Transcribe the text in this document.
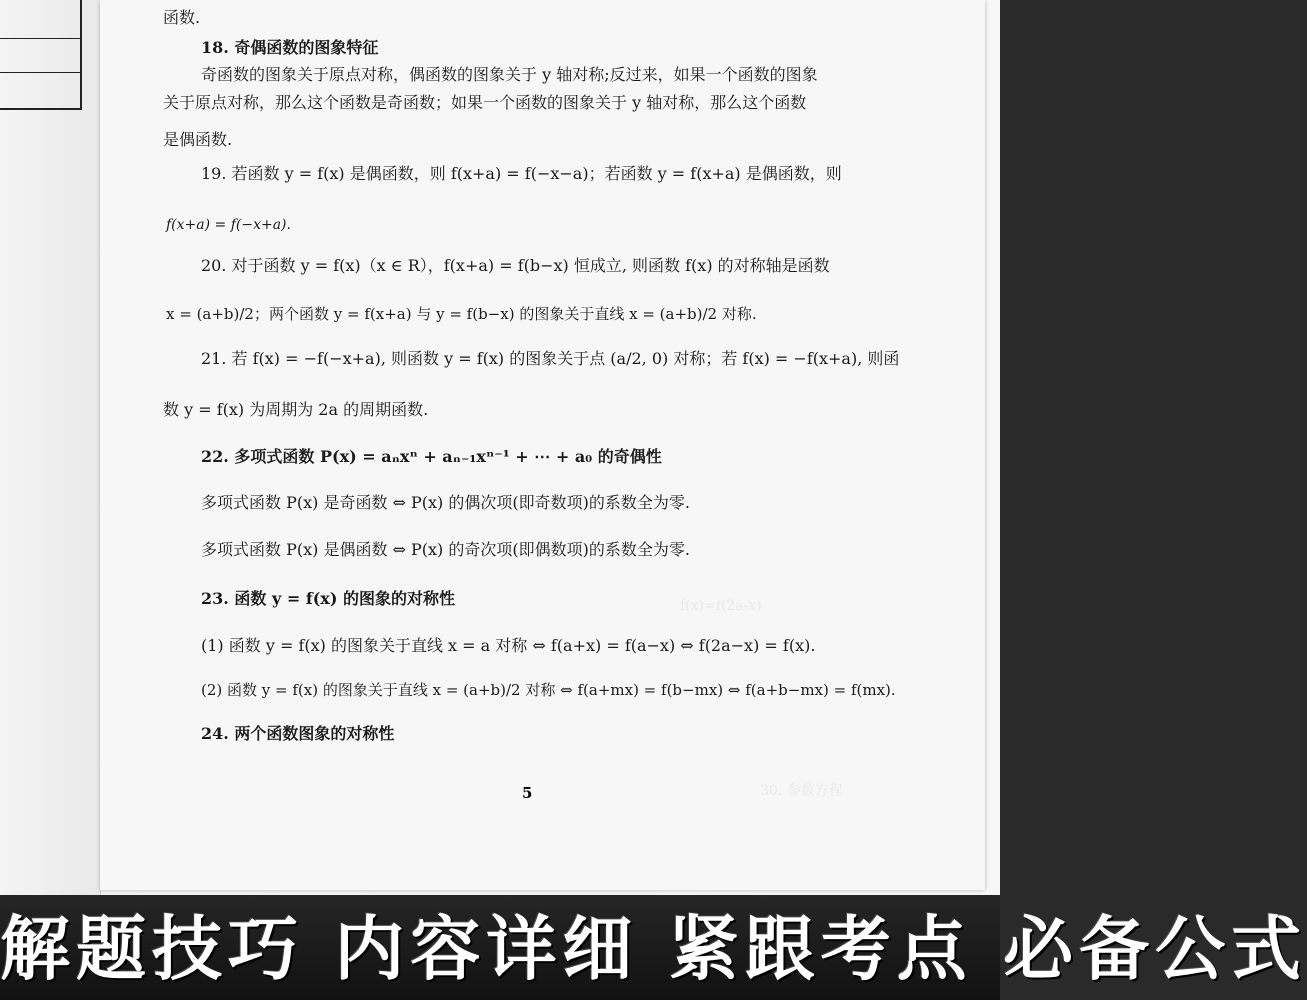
f(x)=f(2a-x)
30. 参数方程
函数.
18. 奇偶函数的图象特征
奇函数的图象关于原点对称，偶函数的图象关于 y 轴对称;反过来，如果一个函数的图象
关于原点对称，那么这个函数是奇函数；如果一个函数的图象关于 y 轴对称，那么这个函数
是偶函数.
19. 若函数 y = f(x) 是偶函数，则 f(x+a) = f(−x−a)；若函数 y = f(x+a) 是偶函数，则
f(x+a) = f(−x+a).
20. 对于函数 y = f(x)（x ∈ R），f(x+a) = f(b−x) 恒成立, 则函数 f(x) 的对称轴是函数
x = (a+b)/2；两个函数 y = f(x+a) 与 y = f(b−x) 的图象关于直线 x = (a+b)/2 对称.
21. 若 f(x) = −f(−x+a), 则函数 y = f(x) 的图象关于点 (a/2, 0) 对称；若 f(x) = −f(x+a), 则函
数 y = f(x) 为周期为 2a 的周期函数.
22. 多项式函数 P(x) = aₙxⁿ + aₙ₋₁xⁿ⁻¹ + ⋯ + a₀ 的奇偶性
多项式函数 P(x) 是奇函数 ⇔ P(x) 的偶次项(即奇数项)的系数全为零.
多项式函数 P(x) 是偶函数 ⇔ P(x) 的奇次项(即偶数项)的系数全为零.
23. 函数 y = f(x) 的图象的对称性
(1) 函数 y = f(x) 的图象关于直线 x = a 对称 ⇔ f(a+x) = f(a−x) ⇔ f(2a−x) = f(x).
(2) 函数 y = f(x) 的图象关于直线 x = (a+b)/2 对称 ⇔ f(a+mx) = f(b−mx) ⇔ f(a+b−mx) = f(mx).
24. 两个函数图象的对称性
5
解题技巧 内容详细 紧跟考点 必备公式
